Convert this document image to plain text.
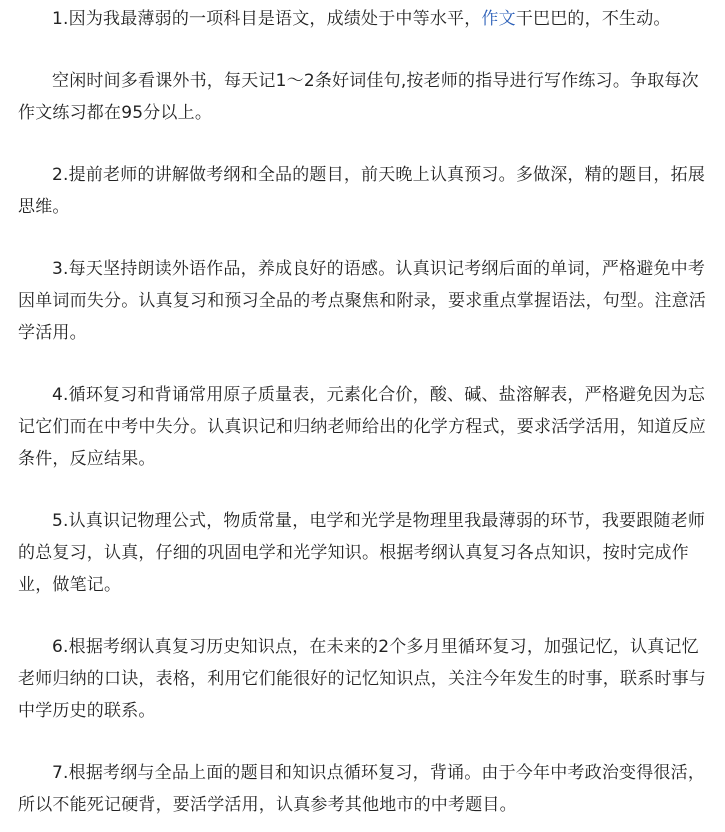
1.因为我最薄弱的一项科目是语文，成绩处于中等水平，作文干巴巴的，不生动。

空闲时间多看课外书，每天记1～2条好词佳句,按老师的指导进行写作练习。争取每次作文练习都在95分以上。

2.提前老师的讲解做考纲和全品的题目，前天晚上认真预习。多做深，精的题目，拓展思维。

3.每天坚持朗读外语作品，养成良好的语感。认真识记考纲后面的单词，严格避免中考因单词而失分。认真复习和预习全品的考点聚焦和附录，要求重点掌握语法，句型。注意活学活用。

4.循环复习和背诵常用原子质量表，元素化合价，酸、碱、盐溶解表，严格避免因为忘记它们而在中考中失分。认真识记和归纳老师给出的化学方程式，要求活学活用，知道反应条件，反应结果。

5.认真识记物理公式，物质常量，电学和光学是物理里我最薄弱的环节，我要跟随老师的总复习，认真，仔细的巩固电学和光学知识。根据考纲认真复习各点知识，按时完成作业，做笔记。

6.根据考纲认真复习历史知识点，在未来的2个多月里循环复习，加强记忆，认真记忆老师归纳的口诀，表格，利用它们能很好的记忆知识点，关注今年发生的时事，联系时事与中学历史的联系。

7.根据考纲与全品上面的题目和知识点循环复习，背诵。由于今年中考政治变得很活，所以不能死记硬背，要活学活用，认真参考其他地市的中考题目。
